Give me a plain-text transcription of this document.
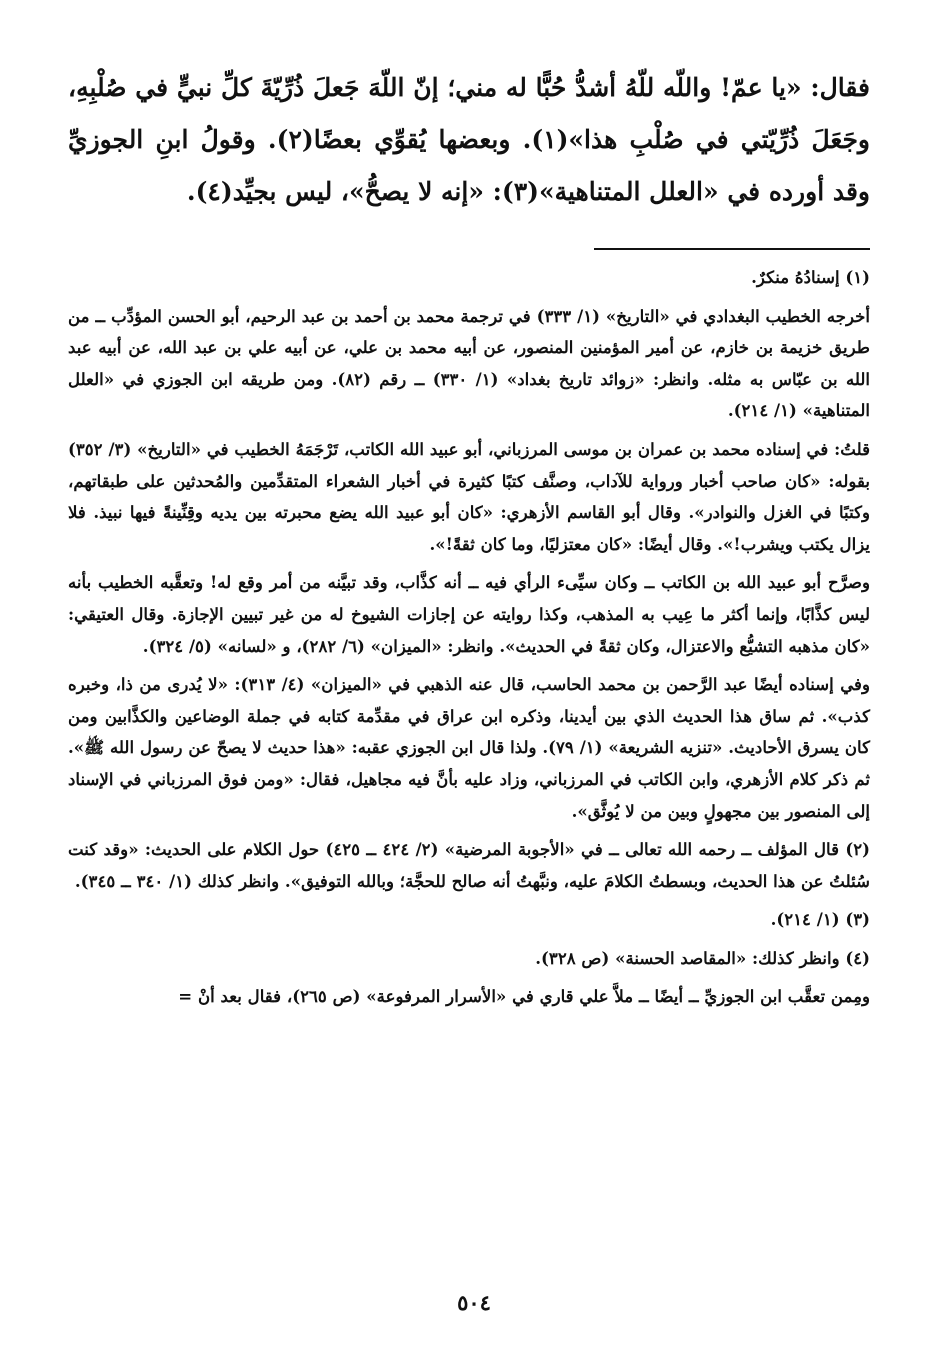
فقال: «يا عمّ! واللّه للّهُ أشدُّ حُبًّا له مني؛ إنّ اللّهَ جَعلَ ذُرِّيّةَ كلِّ نبيٍّ في صُلْبِهِ، وجَعَلَ ذُرِّيّتي في صُلْبِ هذا»(١). وبعضها يُقوِّي بعضًا(٢). وقولُ ابنِ الجوزيِّ وقد أورده في «العلل المتناهية»(٣): «إنه لا يصحُّ»، ليس بجيِّد(٤).

(١) إسنادُهُ منكرٌ.

أخرجه الخطيب البغدادي في «التاريخ» (١/ ٣٣٣) في ترجمة محمد بن أحمد بن عبد الرحيم، أبو الحسن المؤدِّب ــ من طريق خزيمة بن خازم، عن أمير المؤمنين المنصور، عن أبيه محمد بن علي، عن أبيه علي بن عبد الله، عن أبيه عبد الله بن عبّاس به مثله. وانظر: «زوائد تاريخ بغداد» (١/ ٣٣٠) ــ رقم (٨٢). ومن طريقه ابن الجوزي في «العلل المتناهية» (١/ ٢١٤).

قلتُ: في إسناده محمد بن عمران بن موسى المرزباني، أبو عبيد الله الكاتب، تَرْجَمَهُ الخطيب في «التاريخ» (٣/ ٣٥٢) بقوله: «كان صاحب أخبار ورواية للآداب، وصنَّف كتبًا كثيرة في أخبار الشعراء المتقدِّمين والمُحدثين على طبقاتهم، وكتبًا في الغزل والنوادر». وقال أبو القاسم الأزهري: «كان أبو عبيد الله يضع محبرته بين يديه وقِنِّينةً فيها نبيذ. فلا يزال يكتب ويشرب!». وقال أيضًا: «كان معتزليًا، وما كان ثقةً!».

وصرَّح أبو عبيد الله بن الكاتب ــ وكان سيِّىء الرأي فيه ــ أنه كذَّاب، وقد تبيَّنه من أمر وقع له! وتعقَّبه الخطيب بأنه ليس كذَّابًا، وإنما أكثر ما عِيب به المذهب، وكذا روايته عن إجازات الشيوخ له من غير تبيين الإجازة. وقال العتيقي: «كان مذهبه التشيُّع والاعتزال، وكان ثقةً في الحديث». وانظر: «الميزان» (٦/ ٢٨٢)، و «لسانه» (٥/ ٣٢٤).

وفي إسناده أيضًا عبد الرَّحمن بن محمد الحاسب، قال عنه الذهبي في «الميزان» (٤/ ٣١٣): «لا يُدرى من ذا، وخبره كذب». ثم ساق هذا الحديث الذي بين أيدينا، وذكره ابن عراق في مقدِّمة كتابه في جملة الوضاعين والكذَّابين ومن كان يسرق الأحاديث. «تنزيه الشريعة» (١/ ٧٩). ولذا قال ابن الجوزي عقبه: «هذا حديث لا يصحّ عن رسول الله ﷺ». ثم ذكر كلام الأزهري، وابن الكاتب في المرزباني، وزاد عليه بأنَّ فيه مجاهيل، فقال: «ومن فوق المرزباني في الإسناد إلى المنصور بين مجهولٍ وبين من لا يُوثَّق».

(٢) قال المؤلف ــ رحمه الله تعالى ــ في «الأجوبة المرضية» (٢/ ٤٢٤ ــ ٤٢٥) حول الكلام على الحديث: «وقد كنت سُئلتُ عن هذا الحديث، وبسطتُ الكلامَ عليه، ونبَّهتُ أنه صالح للحجَّة؛ وبالله التوفيق». وانظر كذلك (١/ ٣٤٠ ــ ٣٤٥).

(٣) (١/ ٢١٤).

(٤) وانظر كذلك: «المقاصد الحسنة» (ص ٣٢٨).

ومِمن تعقَّب ابن الجوزيِّ ــ أيضًا ــ ملاَّ علي قاري في «الأسرار المرفوعة» (ص ٢٦٥)، فقال بعد أنْ =

٥٠٤
